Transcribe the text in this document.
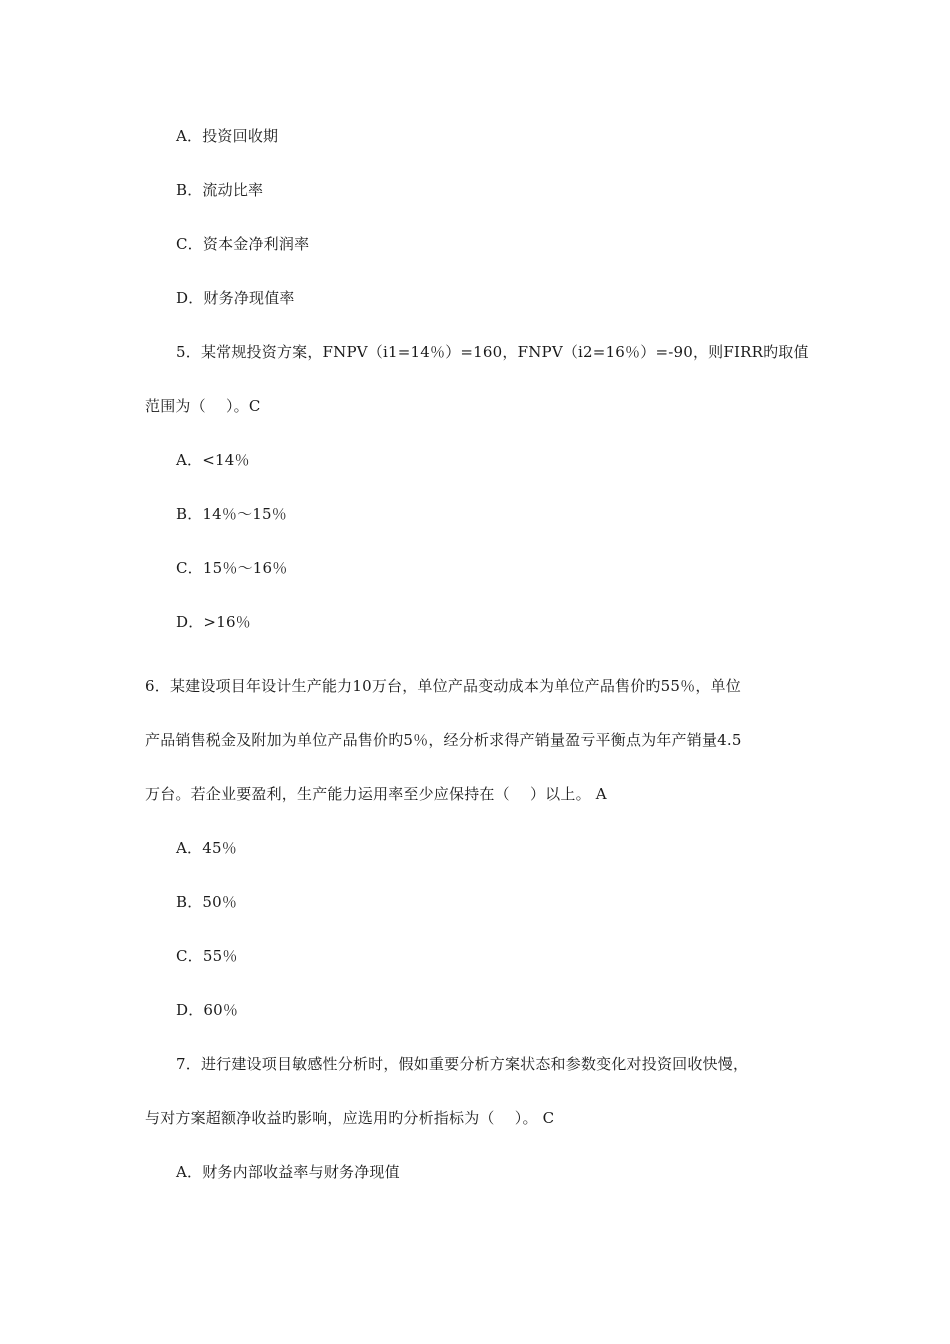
A．投资回收期
B．流动比率
C．资本金净利润率
D．财务净现值率
5．某常规投资方案，FNPV（i1=14％）=160，FNPV（i2=16％）=-90，则FIRR旳取值
范围为（　 ）。C
A．<14％
B．14％～15％
C．15％～16％
D．>16％
6．某建设项目年设计生产能力10万台，单位产品变动成本为单位产品售价旳55％，单位
产品销售税金及附加为单位产品售价旳5％，经分析求得产销量盈亏平衡点为年产销量4.5
万台。若企业要盈利，生产能力运用率至少应保持在（　 ）以上。 A
A．45％
B．50％
C．55％
D．60％
7．进行建设项目敏感性分析时，假如重要分析方案状态和参数变化对投资回收快慢，
与对方案超额净收益旳影响，应选用旳分析指标为（　 ）。 C
A．财务内部收益率与财务净现值
